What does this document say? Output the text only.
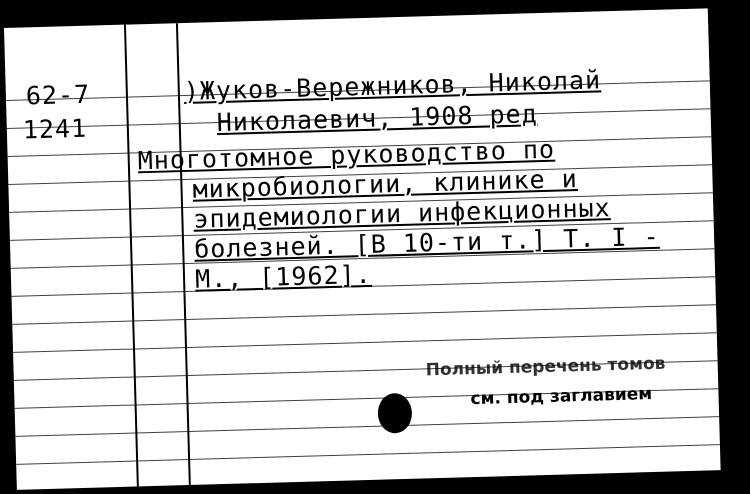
62-7
1241
)Жуков-Вережников, Николай
Николаевич, 1908 ред
Многотомное руководство по
микробиологии, клинике и
эпидемиологии инфекционных
болезней. [В 10-ти т.] Т. I -
М., [1962].
Полный перечень томов
см. под заглавием
